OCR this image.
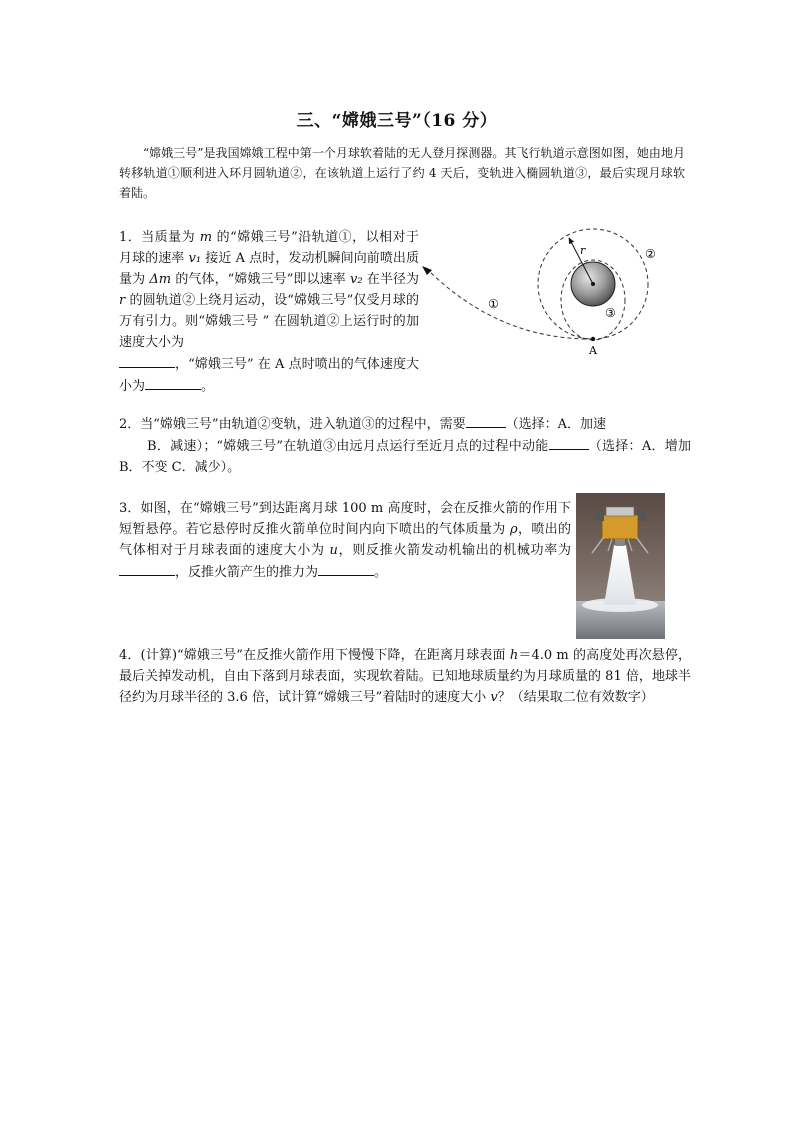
三、“嫦娥三号”（16 分）
“嫦娥三号”是我国嫦娥工程中第一个月球软着陆的无人登月探测器。其飞行轨道示意图如图，她由地月转移轨道①顺利进入环月圆轨道②，在该轨道上运行了约 4 天后，变轨进入椭圆轨道③，最后实现月球软着陆。
1．当质量为 m 的“嫦娥三号”沿轨道①，以相对于月球的速率 v₁ 接近 A 点时，发动机瞬间向前喷出质量为 Δm 的气体，“嫦娥三号”即以速率 v₂ 在半径为 r 的圆轨道②上绕月运动，设“嫦娥三号”仅受月球的万有引力。则“嫦娥三号 ” 在圆轨道②上运行时的加速度大小为
，“嫦娥三号” 在 A 点时喷出的气体速度大小为	。
r	②
③
①
A
2．当“嫦娥三号”由轨道②变轨，进入轨道③的过程中，需要	（选择：A．加速
B．减速）；“嫦娥三号”在轨道③由远月点运行至近月点的过程中动能	（选择：A．增加 B．不变 C．减少）。
3．如图，在“嫦娥三号”到达距离月球 100 m 高度时，会在反推火箭的作用下短暂悬停。若它悬停时反推火箭单位时间内向下喷出的气体质量为 ρ，喷出的气体相对于月球表面的速度大小为 u，则反推火箭发动机输出的机械功率为，反推火箭产生的推力为	。
4．(计算)“嫦娥三号”在反推火箭作用下慢慢下降，在距离月球表面 h＝4.0 m 的高度处再次悬停，最后关掉发动机，自由下落到月球表面，实现软着陆。已知地球质量约为月球质量的 81 倍，地球半径约为月球半径的 3.6 倍，试计算“嫦娥三号”着陆时的速度大小 v？（结果取二位有效数字）
